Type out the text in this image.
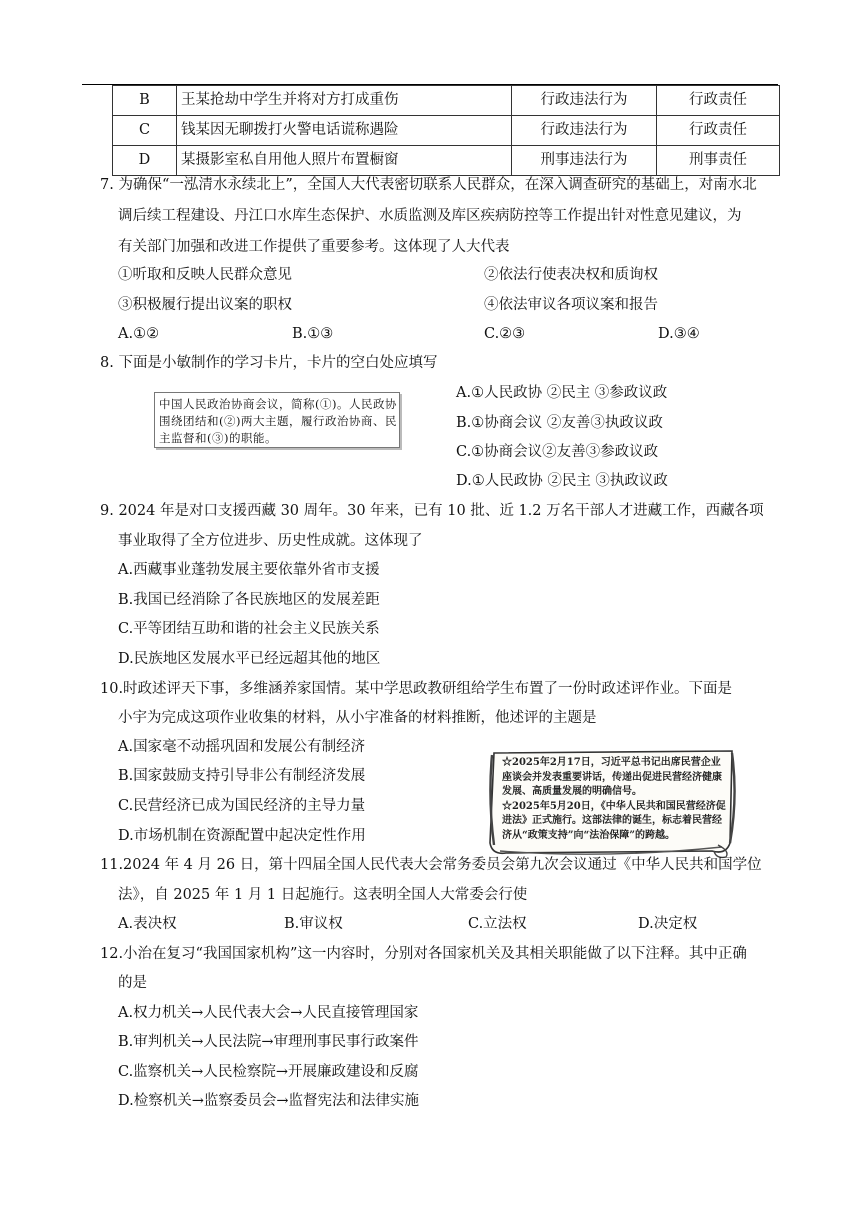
B	王某抢劫中学生并将对方打成重伤	行政违法行为	行政责任
C	钱某因无聊拨打火警电话谎称遇险	行政违法行为	行政责任
D	某摄影室私自用他人照片布置橱窗	刑事违法行为	刑事责任
7. 为确保“一泓清水永续北上”，全国人大代表密切联系人民群众，在深入调查研究的基础上，对南水北
调后续工程建设、丹江口水库生态保护、水质监测及库区疾病防控等工作提出针对性意见建议，为
有关部门加强和改进工作提供了重要参考。这体现了人大代表
①听取和反映人民群众意见	②依法行使表决权和质询权
③积极履行提出议案的职权	④依法审议各项议案和报告
A.①②	B.①③	C.②③	D.③④
8. 下面是小敏制作的学习卡片，卡片的空白处应填写
中国人民政治协商会议，简称(①)。人民政协围绕团结和(②)两大主题，履行政治协商、民主监督和(③)的职能。
A.①人民政协 ②民主 ③参政议政
B.①协商会议 ②友善③执政议政
C.①协商会议②友善③参政议政
D.①人民政协 ②民主 ③执政议政
9. 2024 年是对口支援西藏 30 周年。30 年来，已有 10 批、近 1.2 万名干部人才进藏工作，西藏各项
事业取得了全方位进步、历史性成就。这体现了
A.西藏事业蓬勃发展主要依靠外省市支援
B.我国已经消除了各民族地区的发展差距
C.平等团结互助和谐的社会主义民族关系
D.民族地区发展水平已经远超其他的地区
10.时政述评天下事，多维涵养家国情。某中学思政教研组给学生布置了一份时政述评作业。下面是
小宇为完成这项作业收集的材料，从小宇准备的材料推断，他述评的主题是
A.国家毫不动摇巩固和发展公有制经济
B.国家鼓励支持引导非公有制经济发展
C.民营经济已成为国民经济的主导力量
D.市场机制在资源配置中起决定性作用
☆2025年2月17日，习近平总书记出席民营企业座谈会并发表重要讲话，传递出促进民营经济健康发展、高质量发展的明确信号。
☆2025年5月20日，《中华人民共和国民营经济促进法》正式施行。这部法律的诞生，标志着民营经济从“政策支持”向“法治保障”的跨越。
11.2024 年 4 月 26 日，第十四届全国人民代表大会常务委员会第九次会议通过《中华人民共和国学位
法》，自 2025 年 1 月 1 日起施行。这表明全国人大常委会行使
A.表决权	B.审议权	C.立法权	D.决定权
12.小治在复习“我国国家机构”这一内容时，分别对各国家机关及其相关职能做了以下注释。其中正确
的是
A.权力机关→人民代表大会→人民直接管理国家
B.审判机关→人民法院→审理刑事民事行政案件
C.监察机关→人民检察院→开展廉政建设和反腐
D.检察机关→监察委员会→监督宪法和法律实施
